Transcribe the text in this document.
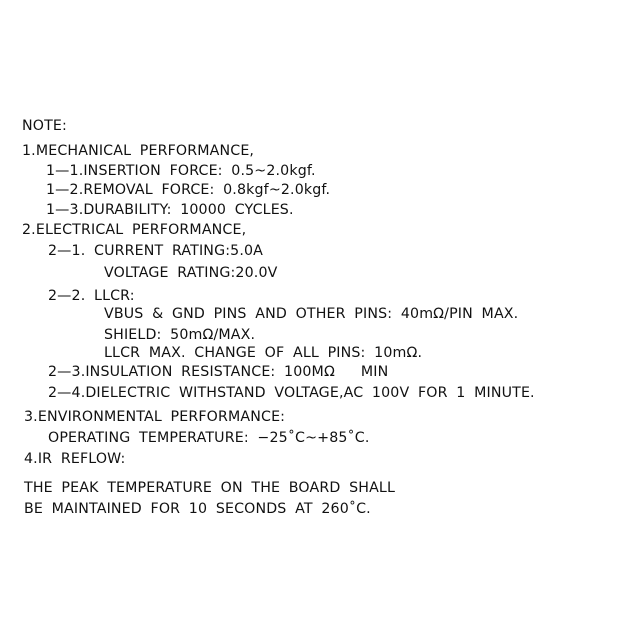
NOTE:
1.MECHANICAL PERFORMANCE,
1—1.INSERTION FORCE: 0.5~2.0kgf.
1—2.REMOVAL FORCE: 0.8kgf~2.0kgf.
1—3.DURABILITY: 10000 CYCLES.
2.ELECTRICAL PERFORMANCE,
2—1. CURRENT RATING:5.0A
VOLTAGE RATING:20.0V
2—2. LLCR:
VBUS & GND PINS AND OTHER PINS: 40mΩ/PIN MAX.
SHIELD: 50mΩ/MAX.
LLCR MAX. CHANGE OF ALL PINS: 10mΩ.
2—3.INSULATION RESISTANCE: 100MΩ   MIN
2—4.DIELECTRIC WITHSTAND VOLTAGE,AC 100V FOR 1 MINUTE.
3.ENVIRONMENTAL PERFORMANCE:
OPERATING TEMPERATURE: −25˚C~+85˚C.
4.IR REFLOW:
THE PEAK TEMPERATURE ON THE BOARD SHALL
BE MAINTAINED FOR 10 SECONDS AT 260˚C.
